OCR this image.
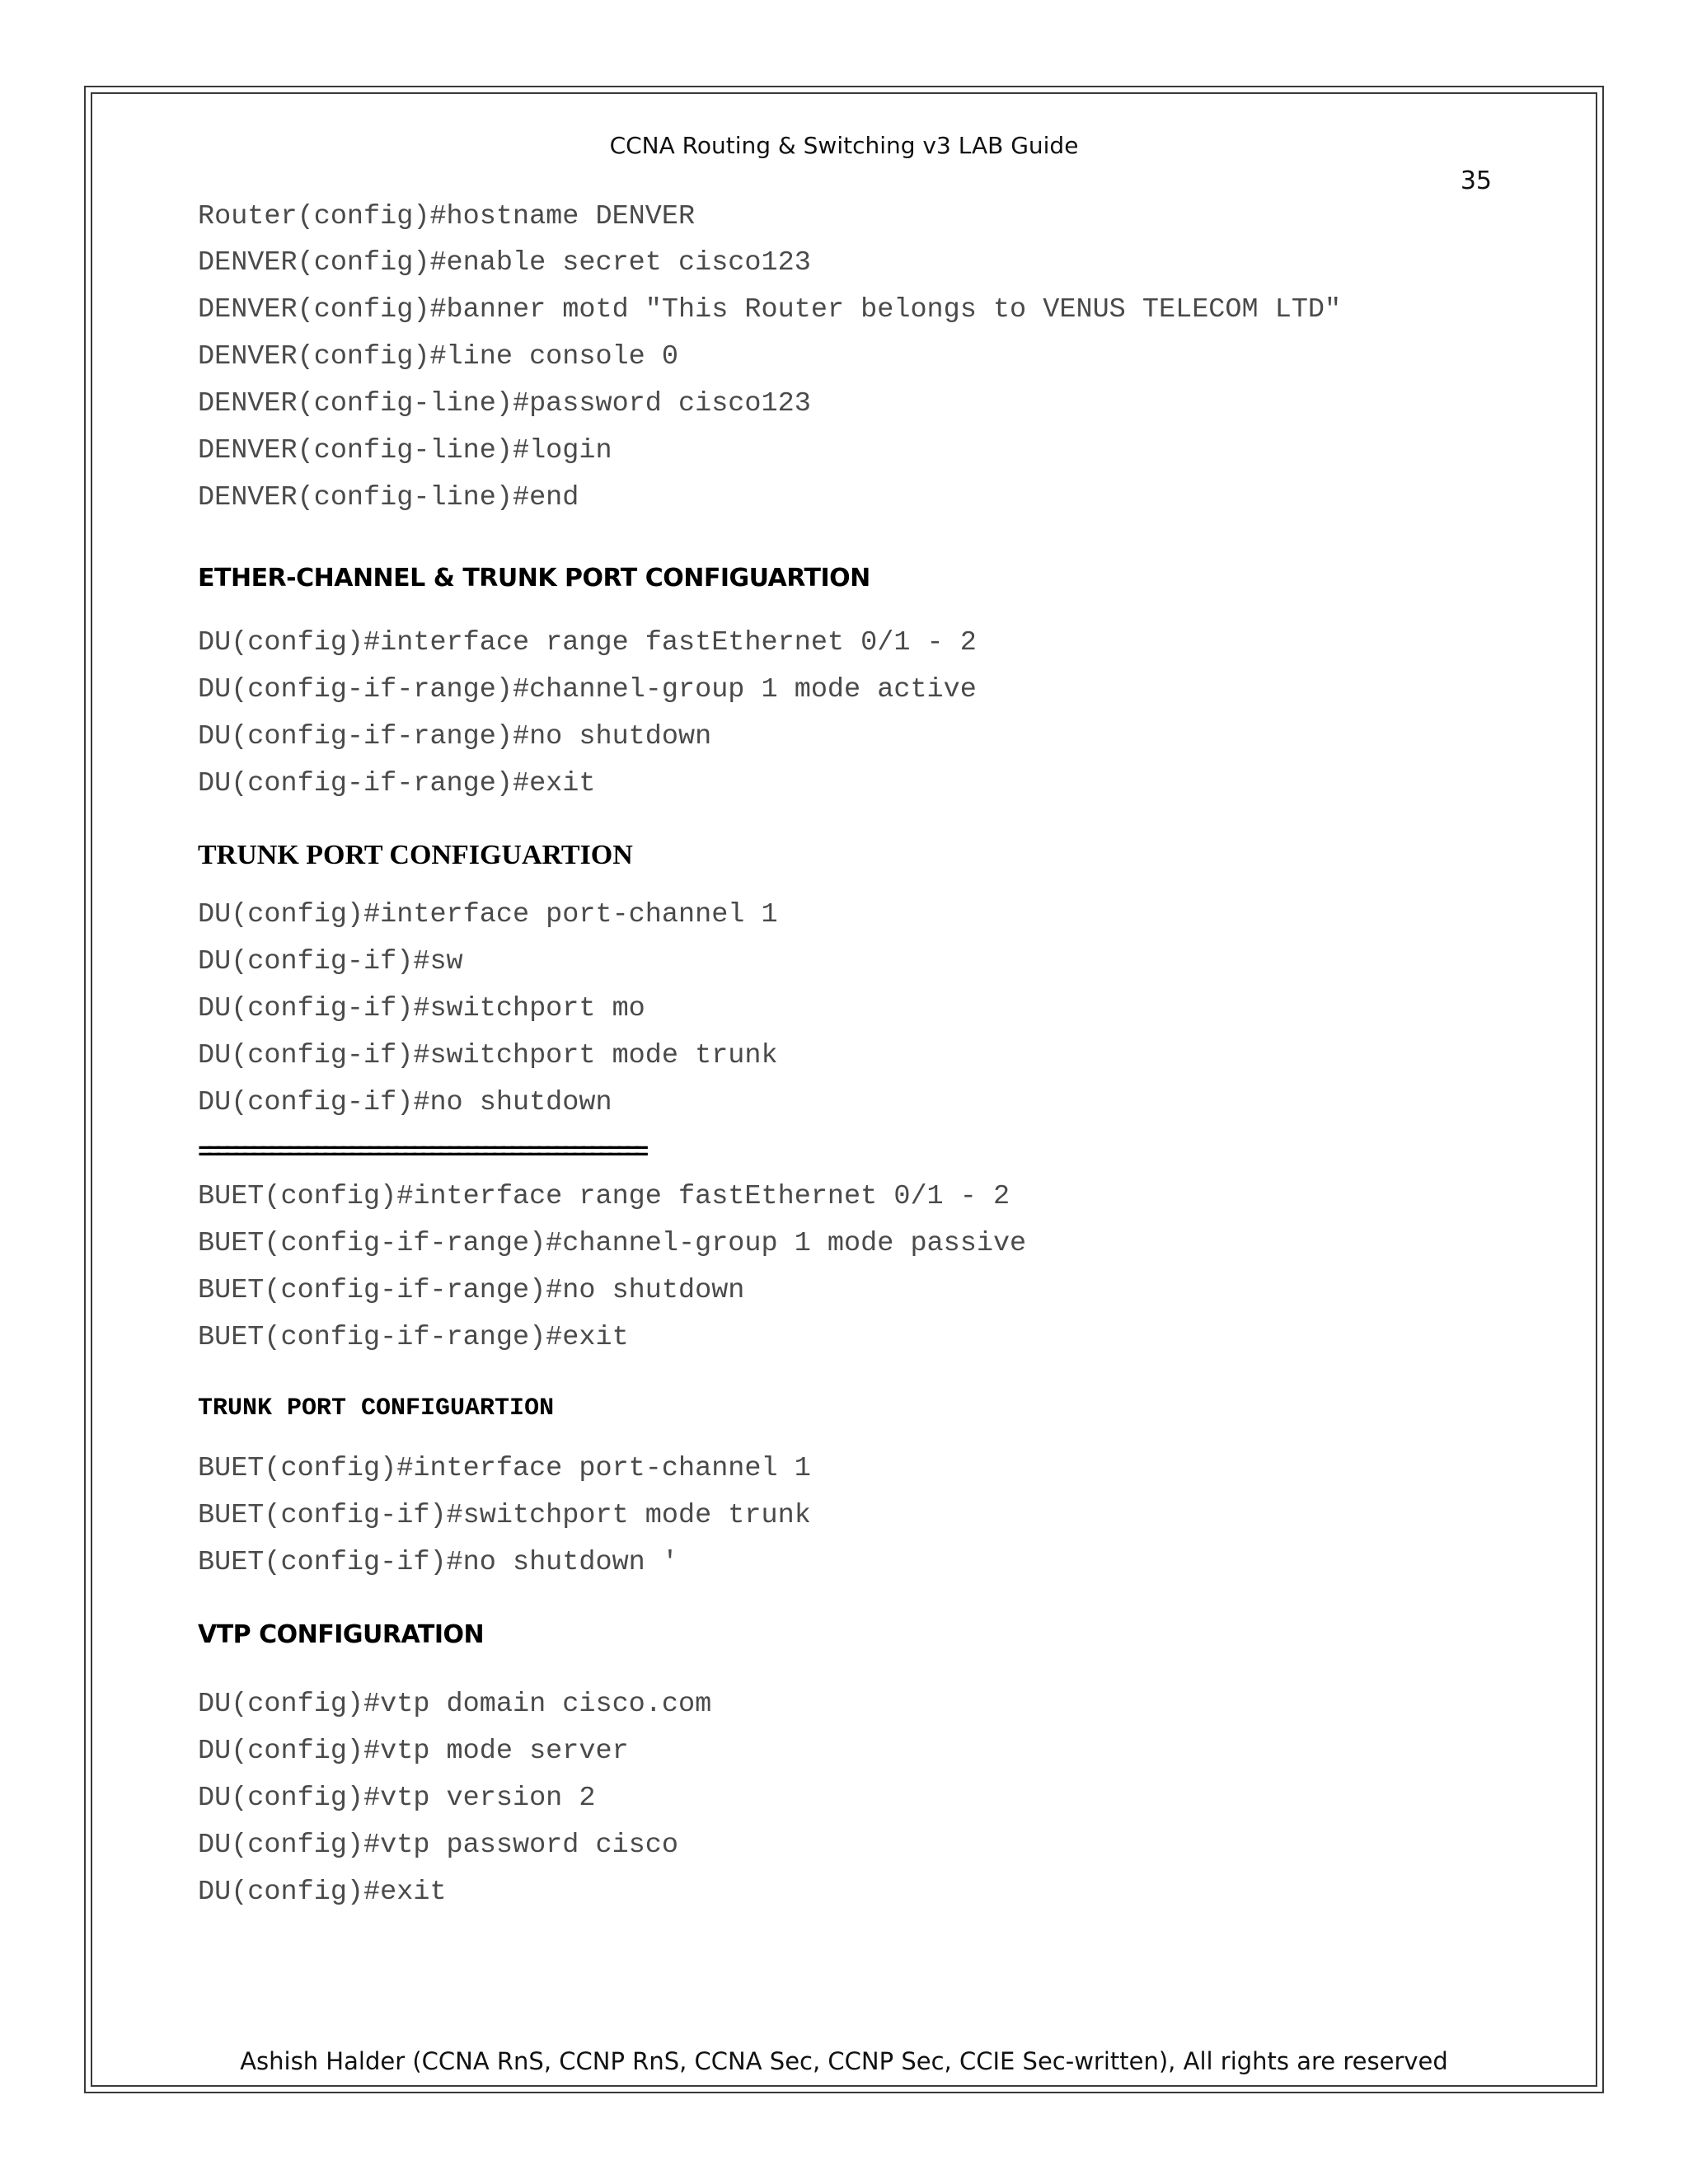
CCNA Routing & Switching v3 LAB Guide
35
Router(config)#hostname DENVER
DENVER(config)#enable secret cisco123
DENVER(config)#banner motd "This Router belongs to VENUS TELECOM LTD"
DENVER(config)#line console 0
DENVER(config-line)#password cisco123
DENVER(config-line)#login
DENVER(config-line)#end
ETHER-CHANNEL & TRUNK PORT CONFIGUARTION
DU(config)#interface range fastEthernet 0/1 - 2
DU(config-if-range)#channel-group 1 mode active
DU(config-if-range)#no shutdown
DU(config-if-range)#exit
TRUNK PORT CONFIGUARTION
DU(config)#interface port-channel 1
DU(config-if)#sw
DU(config-if)#switchport mo
DU(config-if)#switchport mode trunk
DU(config-if)#no shutdown
==================================================
BUET(config)#interface range fastEthernet 0/1 - 2
BUET(config-if-range)#channel-group 1 mode passive
BUET(config-if-range)#no shutdown
BUET(config-if-range)#exit
TRUNK PORT CONFIGUARTION
BUET(config)#interface port-channel 1
BUET(config-if)#switchport mode trunk
BUET(config-if)#no shutdown '
VTP CONFIGURATION
DU(config)#vtp domain cisco.com
DU(config)#vtp mode server
DU(config)#vtp version 2
DU(config)#vtp password cisco
DU(config)#exit
Ashish Halder (CCNA RnS, CCNP RnS, CCNA Sec, CCNP Sec, CCIE Sec-written), All rights are reserved
